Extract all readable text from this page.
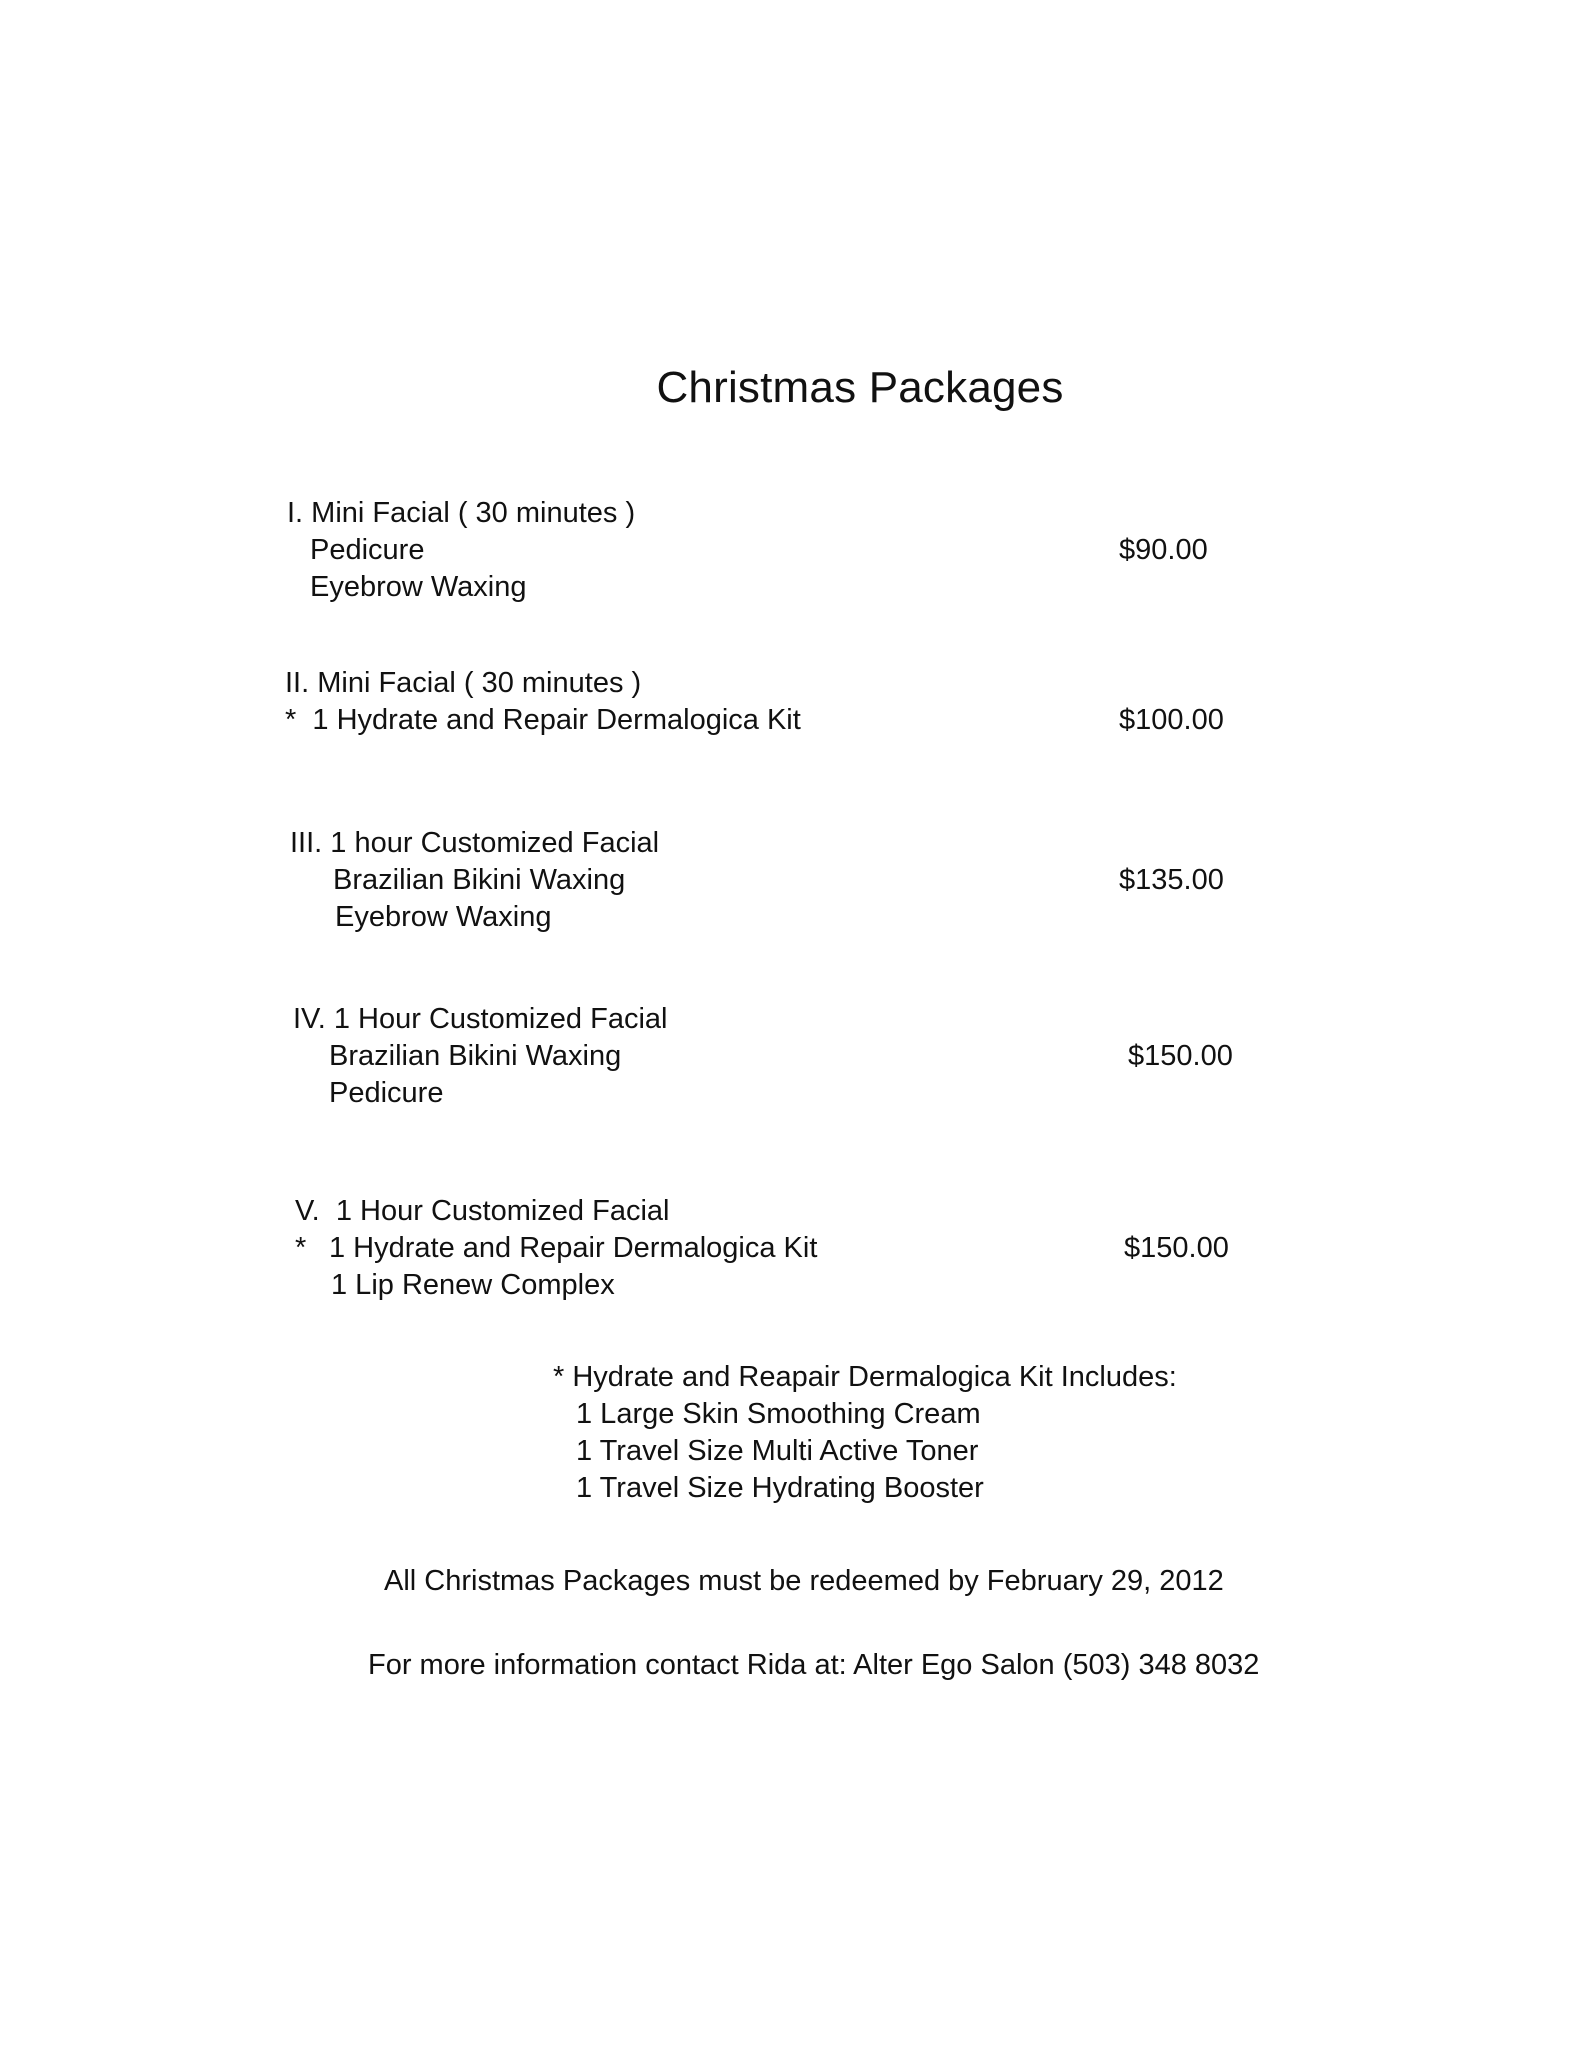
Christmas Packages
I. Mini Facial ( 30 minutes )
Pedicure
Eyebrow Waxing
$90.00
II. Mini Facial ( 30 minutes )
*  1 Hydrate and Repair Dermalogica Kit	$100.00
III. 1 hour Customized Facial
Brazilian Bikini Waxing
Eyebrow Waxing
$135.00
IV. 1 Hour Customized Facial
Brazilian Bikini Waxing
Pedicure
$150.00
V.  1 Hour Customized Facial
* 1 Hydrate and Repair Dermalogica Kit
1 Lip Renew Complex
$150.00
* Hydrate and Reapair Dermalogica Kit Includes:
1 Large Skin Smoothing Cream
1 Travel Size Multi Active Toner
1 Travel Size Hydrating Booster
All Christmas Packages must be redeemed by February 29, 2012
For more information contact Rida at: Alter Ego Salon (503) 348 8032
